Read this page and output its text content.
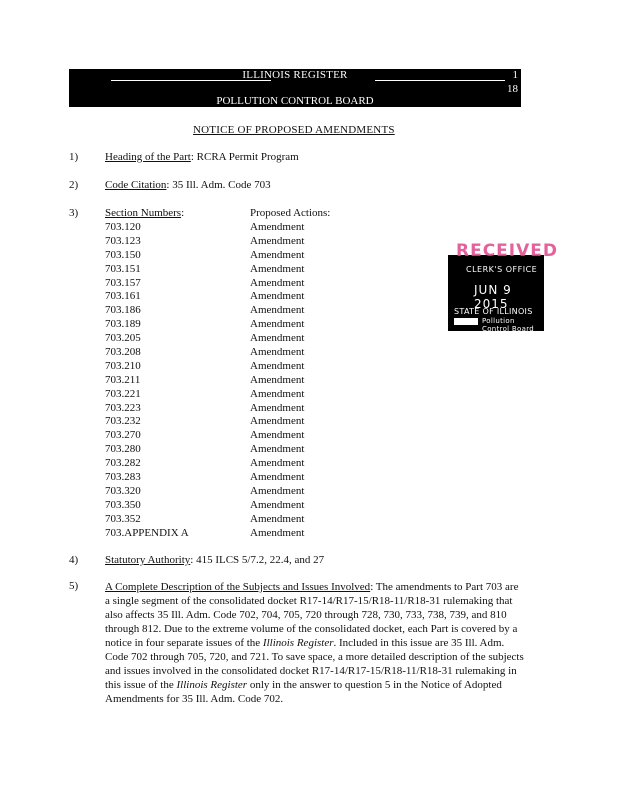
ILLINOIS REGISTER	1
18
POLLUTION CONTROL BOARD
NOTICE OF PROPOSED AMENDMENTS
1) Heading of the Part: RCRA Permit Program
2) Code Citation: 35 Ill. Adm. Code 703
3) Section Numbers:	Proposed Actions:
703.120	Amendment
703.123	Amendment
703.150	Amendment
703.151	Amendment
703.157	Amendment
703.161	Amendment
703.186	Amendment
703.189	Amendment
703.205	Amendment
703.208	Amendment
703.210	Amendment
703.211	Amendment
703.221	Amendment
703.223	Amendment
703.232	Amendment
703.270	Amendment
703.280	Amendment
703.282	Amendment
703.283	Amendment
703.320	Amendment
703.350	Amendment
703.352	Amendment
703.APPENDIX A	Amendment
4) Statutory Authority: 415 ILCS 5/7.2, 22.4, and 27
5) A Complete Description of the Subjects and Issues Involved: The amendments to Part 703 are a single segment of the consolidated docket R17-14/R17-15/R18-11/R18-31 rulemaking that also affects 35 Ill. Adm. Code 702, 704, 705, 720 through 728, 730, 733, 738, 739, and 810 through 812. Due to the extreme volume of the consolidated docket, each Part is covered by a notice in four separate issues of the Illinois Register. Included in this issue are 35 Ill. Adm. Code 702 through 705, 720, and 721. To save space, a more detailed description of the subjects and issues involved in the consolidated docket R17-14/R17-15/R18-11/R18-31 rulemaking in this issue of the Illinois Register only in the answer to question 5 in the Notice of Adopted Amendments for 35 Ill. Adm. Code 702.
RECEIVED
CLERK'S OFFICE
JUN 9 2015
STATE OF ILLINOIS
Pollution Control Board
